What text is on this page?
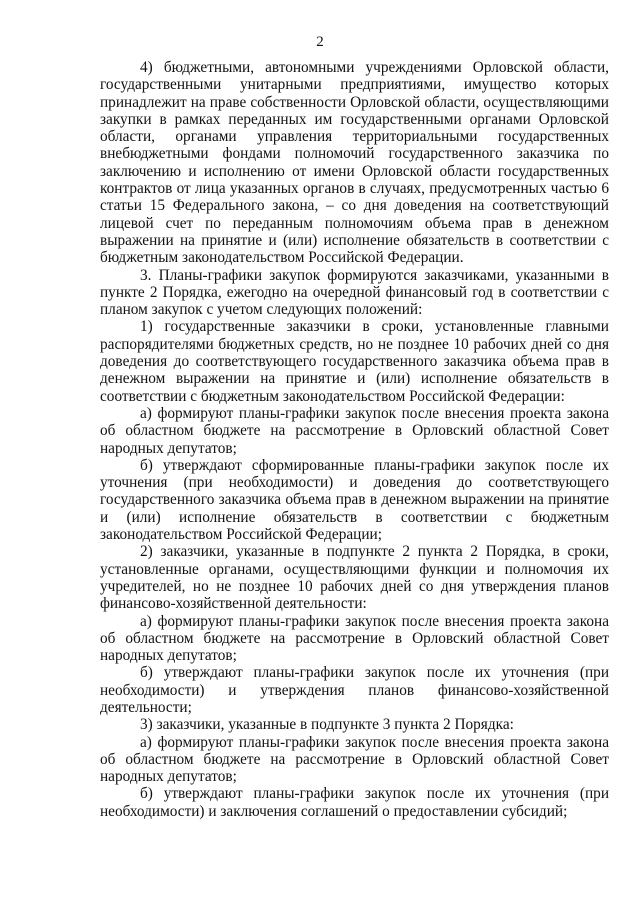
2

4) бюджетными, автономными учреждениями Орловской области, государственными унитарными предприятиями, имущество которых принадлежит на праве собственности Орловской области, осуществляющими закупки в рамках переданных им государственными органами Орловской области, органами управления территориальными государственных внебюджетными фондами полномочий государственного заказчика по заключению и исполнению от имени Орловской области государственных контрактов от лица указанных органов в случаях, предусмотренных частью 6 статьи 15 Федерального закона, – со дня доведения на соответствующий лицевой счет по переданным полномочиям объема прав в денежном выражении на принятие и (или) исполнение обязательств в соответствии с бюджетным законодательством Российской Федерации.

3. Планы-графики закупок формируются заказчиками, указанными в пункте 2 Порядка, ежегодно на очередной финансовый год в соответствии с планом закупок с учетом следующих положений:

1) государственные заказчики в сроки, установленные главными распорядителями бюджетных средств, но не позднее 10 рабочих дней со дня доведения до соответствующего государственного заказчика объема прав в денежном выражении на принятие и (или) исполнение обязательств в соответствии с бюджетным законодательством Российской Федерации:

а) формируют планы-графики закупок после внесения проекта закона об областном бюджете на рассмотрение в Орловский областной Совет народных депутатов;

б) утверждают сформированные планы-графики закупок после их уточнения (при необходимости) и доведения до соответствующего государственного заказчика объема прав в денежном выражении на принятие и (или) исполнение обязательств в соответствии с бюджетным законодательством Российской Федерации;

2) заказчики, указанные в подпункте 2 пункта 2 Порядка, в сроки, установленные органами, осуществляющими функции и полномочия их учредителей, но не позднее 10 рабочих дней со дня утверждения планов финансово-хозяйственной деятельности:

а) формируют планы-графики закупок после внесения проекта закона об областном бюджете на рассмотрение в Орловский областной Совет народных депутатов;

б) утверждают планы-графики закупок после их уточнения (при необходимости) и утверждения планов финансово-хозяйственной деятельности;

3) заказчики, указанные в подпункте 3 пункта 2 Порядка:

а) формируют планы-графики закупок после внесения проекта закона об областном бюджете на рассмотрение в Орловский областной Совет народных депутатов;

б) утверждают планы-графики закупок после их уточнения (при необходимости) и заключения соглашений о предоставлении субсидий;
